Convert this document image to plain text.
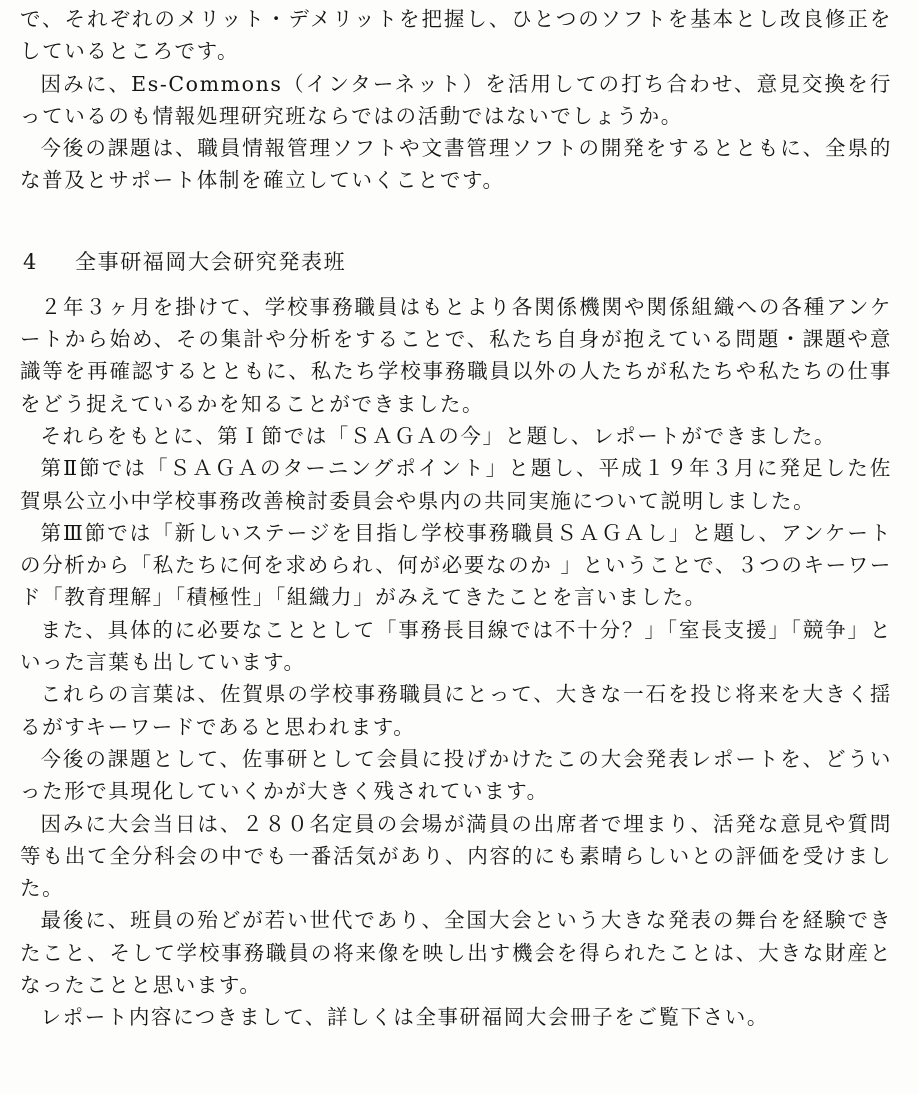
で、それぞれのメリット・デメリットを把握し、ひとつのソフトを基本とし改良修正をしているところです。

因みに、Es-Commons（インターネット）を活用しての打ち合わせ、意見交換を行っているのも情報処理研究班ならではの活動ではないでしょうか。

今後の課題は、職員情報管理ソフトや文書管理ソフトの開発をするとともに、全県的な普及とサポート体制を確立していくことです。

4 全事研福岡大会研究発表班

２年３ヶ月を掛けて、学校事務職員はもとより各関係機関や関係組織への各種アンケートから始め、その集計や分析をすることで、私たち自身が抱えている問題・課題や意識等を再確認するとともに、私たち学校事務職員以外の人たちが私たちや私たちの仕事をどう捉えているかを知ることができました。

それらをもとに、第Ｉ節では「ＳＡＧＡの今」と題し、レポートができました。

第Ⅱ節では「ＳＡＧＡのターニングポイント」と題し、平成１９年３月に発足した佐賀県公立小中学校事務改善検討委員会や県内の共同実施について説明しました。

第Ⅲ節では「新しいステージを目指し学校事務職員ＳＡＧＡし」と題し、アンケートの分析から「私たちに何を求められ、何が必要なのか 」ということで、３つのキーワード「教育理解」「積極性」「組織力」がみえてきたことを言いました。

また、具体的に必要なこととして「事務長目線では不十分？」「室長支援」「競争」といった言葉も出しています。

これらの言葉は、佐賀県の学校事務職員にとって、大きな一石を投じ将来を大きく揺るがすキーワードであると思われます。

今後の課題として、佐事研として会員に投げかけたこの大会発表レポートを、どういった形で具現化していくかが大きく残されています。

因みに大会当日は、２８０名定員の会場が満員の出席者で埋まり、活発な意見や質問等も出て全分科会の中でも一番活気があり、内容的にも素晴らしいとの評価を受けました。

最後に、班員の殆どが若い世代であり、全国大会という大きな発表の舞台を経験できたこと、そして学校事務職員の将来像を映し出す機会を得られたことは、大きな財産となったことと思います。

レポート内容につきまして、詳しくは全事研福岡大会冊子をご覧下さい。
